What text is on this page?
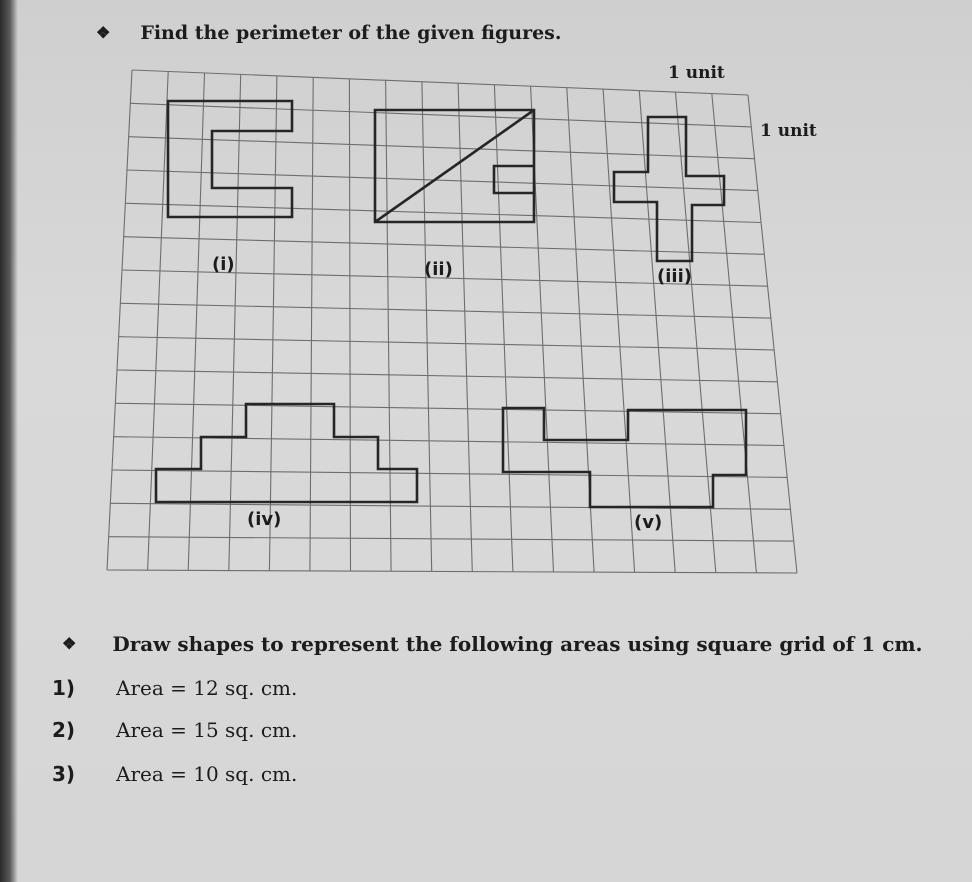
❖ Find the perimeter of the given figures.
1 unit
1 unit
(i)	(ii)	(iii)
(iv)	(v)
❖ Draw shapes to represent the following areas using square grid of 1 cm.
1)	Area = 12 sq. cm.
2)	Area = 15 sq. cm.
3)	Area = 10 sq. cm.
